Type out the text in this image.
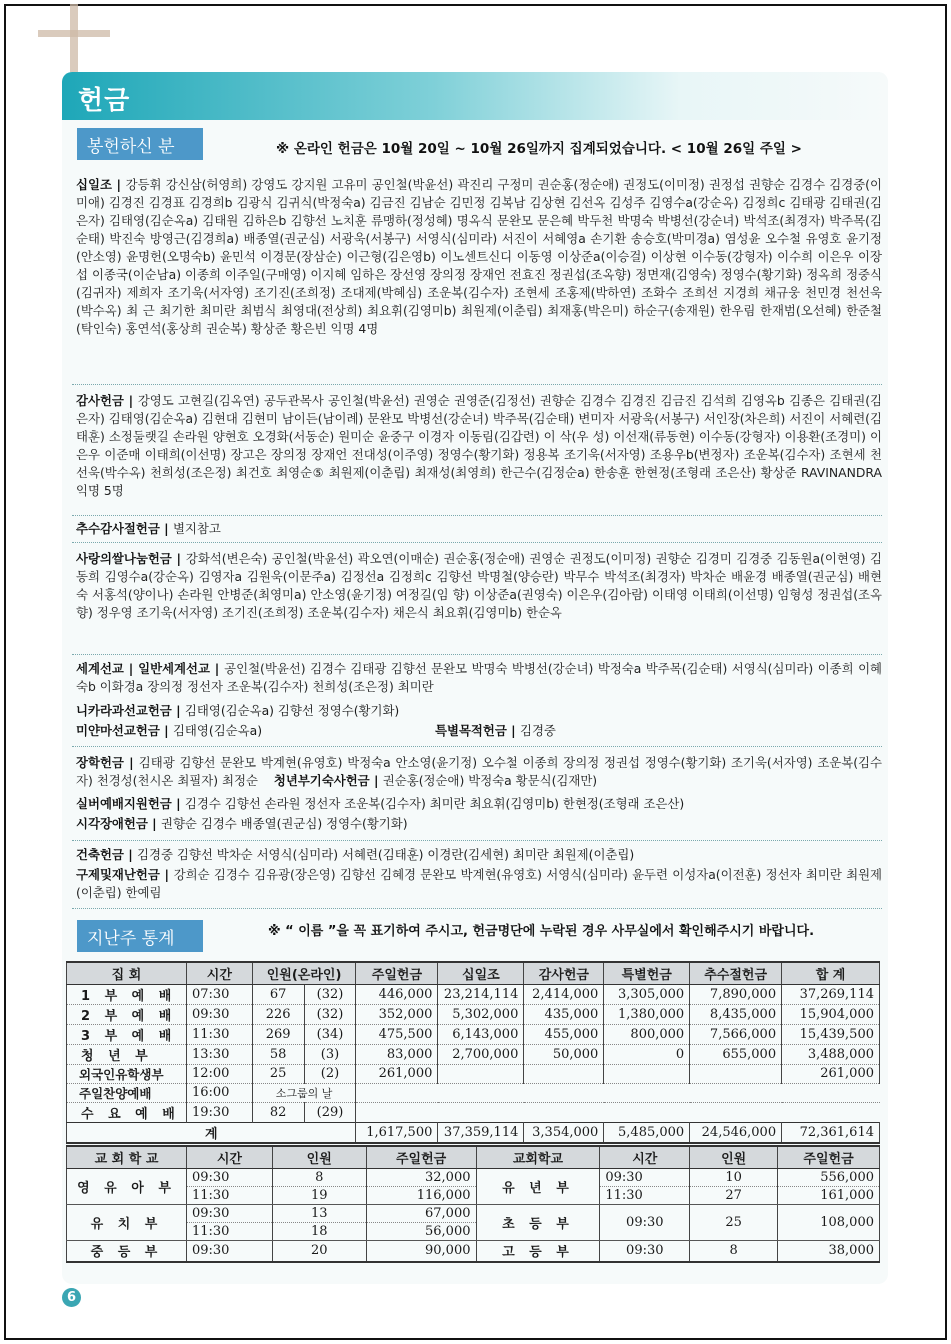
헌금
봉헌하신 분	※ 온라인 헌금은 10월 20일 ~ 10월 26일까지 집계되었습니다. < 10월 26일 주일 >
십일조 | 강등휘 강신삼(허영희) 강영도 강지원 고유미 공인철(박윤선) 곽진리 구정미 권순홍(정순애) 권정도(이미정) 권정섭 권향순 김경수 김경중(이미애) 김경진 김경표 김경희b 김광식 김귀식(박정숙a) 김금진 김남순 김민정 김복남 김상현 김선옥 김성주 김영수a(강순옥) 김정희c 김태광 김태권(김은자) 김태영(김순옥a) 김태원 김하은b 김향선 노치훈 류맹하(정성혜) 명옥식 문완모 문은혜 박두천 박명숙 박병선(강순녀) 박석조(최경자) 박주목(김순태) 박진숙 방영근(김경희a) 배종열(권군심) 서광욱(서봉구) 서영식(심미라) 서진이 서혜영a 손기환 송승호(박미경a) 염성윤 오수철 유영호 윤기정(안소영) 윤명헌(오명숙b) 윤민석 이경문(장삼순) 이근형(김은영b) 이노센트신디 이동영 이상준a(이승걸) 이상현 이수동(강형자) 이수희 이은우 이장섭 이종국(이순남a) 이종희 이주일(구매영) 이지혜 임하은 장선영 장의정 장재언 전효진 정권섭(조옥향) 정면재(김영숙) 정영수(황기화) 정옥희 정중식(김귀자) 제희자 조기욱(서자영) 조기진(조희정) 조대제(박혜심) 조운복(김수자) 조현세 조홍제(박하연) 조화수 조희선 지경희 채규웅 천민경 천선욱(박수옥) 최 근 최기한 최미란 최범식 최영대(전상희) 최요휘(김영미b) 최원제(이춘립) 최재홍(박은미) 하순구(송재원) 한우림 한재범(오선혜) 한준철(탁인숙) 홍연석(홍상희 권순복) 황상준 황은빈 익명 4명
감사헌금 | 강영도 고현길(김옥연) 공두관목사 공인철(박윤선) 권영순 권영준(김정선) 권향순 김경수 김경진 김금진 김석희 김영옥b 김종은 김태권(김은자) 김태영(김순옥a) 김현대 김현미 남이든(남이례) 문완모 박병선(강순녀) 박주목(김순태) 변미자 서광욱(서봉구) 서인장(차은희) 서진이 서혜련(김태훈) 소정둘랫길 손라원 양현호 오경화(서동순) 원미순 윤중구 이경자 이동림(김갑련) 이 삭(우 성) 이선재(류동현) 이수동(강형자) 이용환(조경미) 이은우 이준매 이태희(이선명) 장고은 장의정 장재언 전대성(이주영) 정영수(황기화) 정용복 조기욱(서자영) 조용우b(변정자) 조운복(김수자) 조현세 천선욱(박수옥) 천희성(조은정) 최건호 최영순⑤ 최원제(이춘립) 최재성(최영희) 한근수(김정순a) 한송훈 한현정(조형래 조은산) 황상준 RAVINANDRA 익명 5명
추수감사절헌금 | 별지참고
사랑의쌀나눔헌금 | 강화석(변은숙) 공인철(박윤선) 곽오연(이매순) 권순홍(정순애) 권영순 권정도(이미정) 권향순 김경미 김경중 김동원a(이현영) 김동희 김영수a(강순옥) 김영자a 김원욱(이문주a) 김정선a 김정희c 김향선 박명철(양승란) 박무수 박석조(최경자) 박차순 배윤경 배종열(권군심) 배현숙 서홍석(양이나) 손라원 안병준(최영미a) 안소영(윤기정) 여정길(임 향) 이상준a(권영숙) 이은우(김아람) 이태영 이태희(이선명) 임형성 정권섭(조옥향) 정우영 조기욱(서자영) 조기진(조희정) 조운복(김수자) 채은식 최요휘(김영미b) 한순옥
세계선교 | 일반세계선교 | 공인철(박윤선) 김경수 김태광 김향선 문완모 박명숙 박병선(강순녀) 박정숙a 박주목(김순태) 서영식(심미라) 이종희 이혜숙b 이화경a 장의정 정선자 조운복(김수자) 천희성(조은정) 최미란
니카라과선교헌금 | 김태영(김순옥a) 김향선 정영수(황기화)
미얀마선교헌금 | 김태영(김순옥a)	특별목적헌금 | 김경중
장학헌금 | 김태광 김향선 문완모 박계현(유영호) 박정숙a 안소영(윤기정) 오수철 이종희 장의정 정권섭 정영수(황기화) 조기욱(서자영) 조운복(김수자) 천경성(천시온 최필자) 최정순 청년부기숙사헌금 | 권순홍(정순애) 박정숙a 황문식(김재만)
실버예배지원헌금 | 김경수 김향선 손라원 정선자 조운복(김수자) 최미란 최요휘(김영미b) 한현정(조형래 조은산)
시각장애헌금 | 권향순 김경수 배종열(권군심) 정영수(황기화)
건축헌금 | 김경중 김향선 박차순 서영식(심미라) 서혜련(김태훈) 이경란(김세현) 최미란 최원제(이춘립)
구제및재난헌금 | 강희순 김경수 김유광(장은영) 김향선 김혜경 문완모 박계현(유영호) 서영식(심미라) 윤두련 이성자a(이전훈) 정선자 최미란 최원제(이춘립) 한예림
지난주 통계	※ “ 이름 ”을 꼭 표기하여 주시고, 헌금명단에 누락된 경우 사무실에서 확인해주시기 바랍니다.
집 회	시간	인원(온라인)		주일헌금	십일조	감사헌금	특별헌금	추수절헌금	합 계
1 부 예 배	07:30	67	(32)	446,000	23,214,114	2,414,000	3,305,000	7,890,000	37,269,114
2 부 예 배	09:30	226	(32)	352,000	5,302,000	435,000	1,380,000	8,435,000	15,904,000
3 부 예 배	11:30	269	(34)	475,500	6,143,000	455,000	800,000	7,566,000	15,439,500
청 년 부	13:30	58	(3)	83,000	2,700,000	50,000	0	655,000	3,488,000
외국인유학생부	12:00	25	(2)	261,000					261,000
주일찬양예배	16:00	소그룹의 날							
수 요 예 배	19:30	82	(29)						
계				1,617,500	37,359,114	3,354,000	5,485,000	24,546,000	72,361,614
교 회 학 교	시간	인원	주일헌금	교회학교	시간	인원	주일헌금
영 유 아 부	09:30	8	32,000	유 년 부	09:30	10	556,000
	11:30	19	116,000		11:30	27	161,000
유 치 부	09:30	13	67,000	초 등 부	09:30	25	108,000
	11:30	18	56,000				
중 등 부	09:30	20	90,000	고 등 부	09:30	8	38,000
6
